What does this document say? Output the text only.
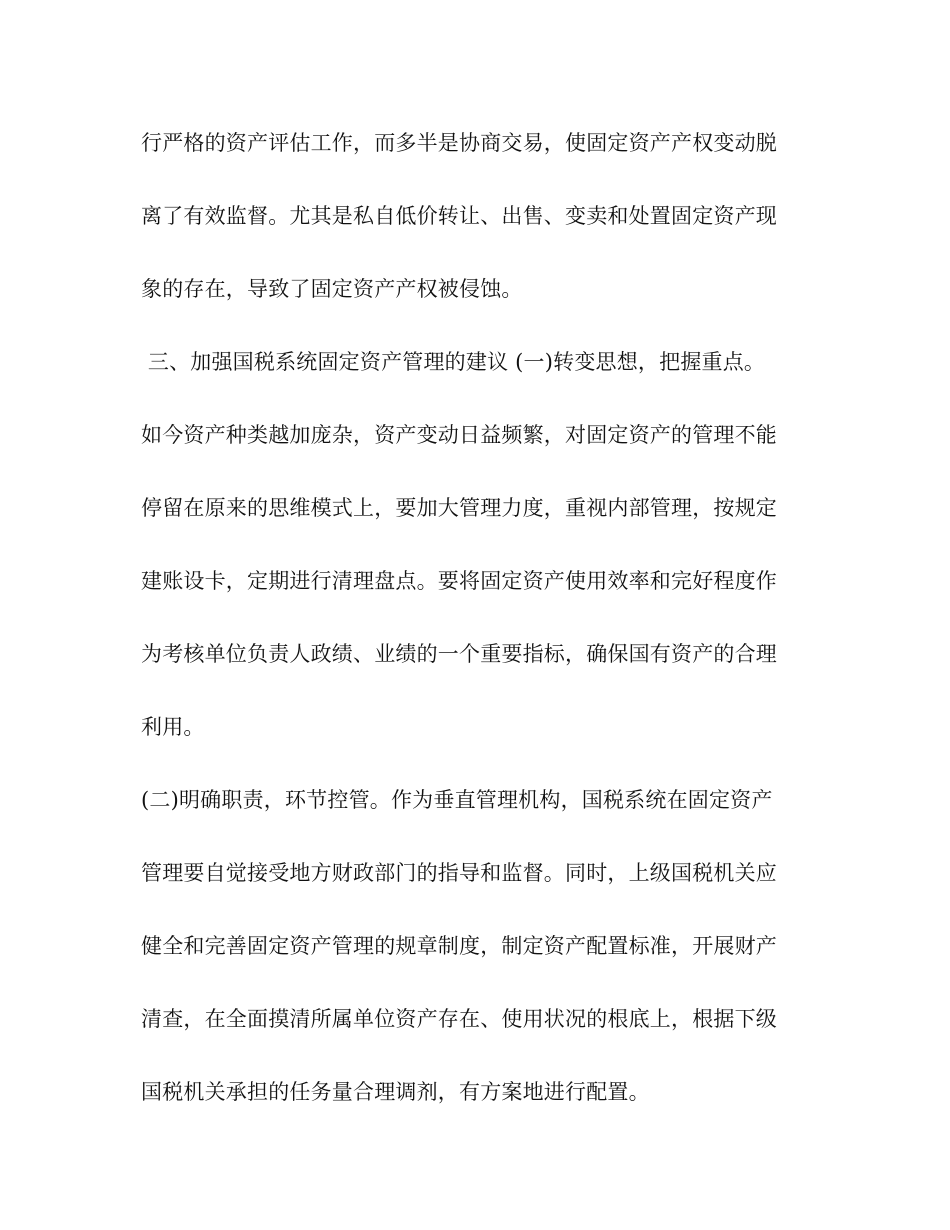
行严格的资产评估工作，而多半是协商交易，使固定资产产权变动脱
离了有效监督。尤其是私自低价转让、出售、变卖和处置固定资产现
象的存在，导致了固定资产产权被侵蚀。
三、加强国税系统固定资产管理的建议 (一)转变思想，把握重点。
如今资产种类越加庞杂，资产变动日益频繁，对固定资产的管理不能
停留在原来的思维模式上，要加大管理力度，重视内部管理，按规定
建账设卡，定期进行清理盘点。要将固定资产使用效率和完好程度作
为考核单位负责人政绩、业绩的一个重要指标，确保国有资产的合理
利用。
(二)明确职责，环节控管。作为垂直管理机构，国税系统在固定资产
管理要自觉接受地方财政部门的指导和监督。同时，上级国税机关应
健全和完善固定资产管理的规章制度，制定资产配置标准，开展财产
清查，在全面摸清所属单位资产存在、使用状况的根底上，根据下级
国税机关承担的任务量合理调剂，有方案地进行配置。
